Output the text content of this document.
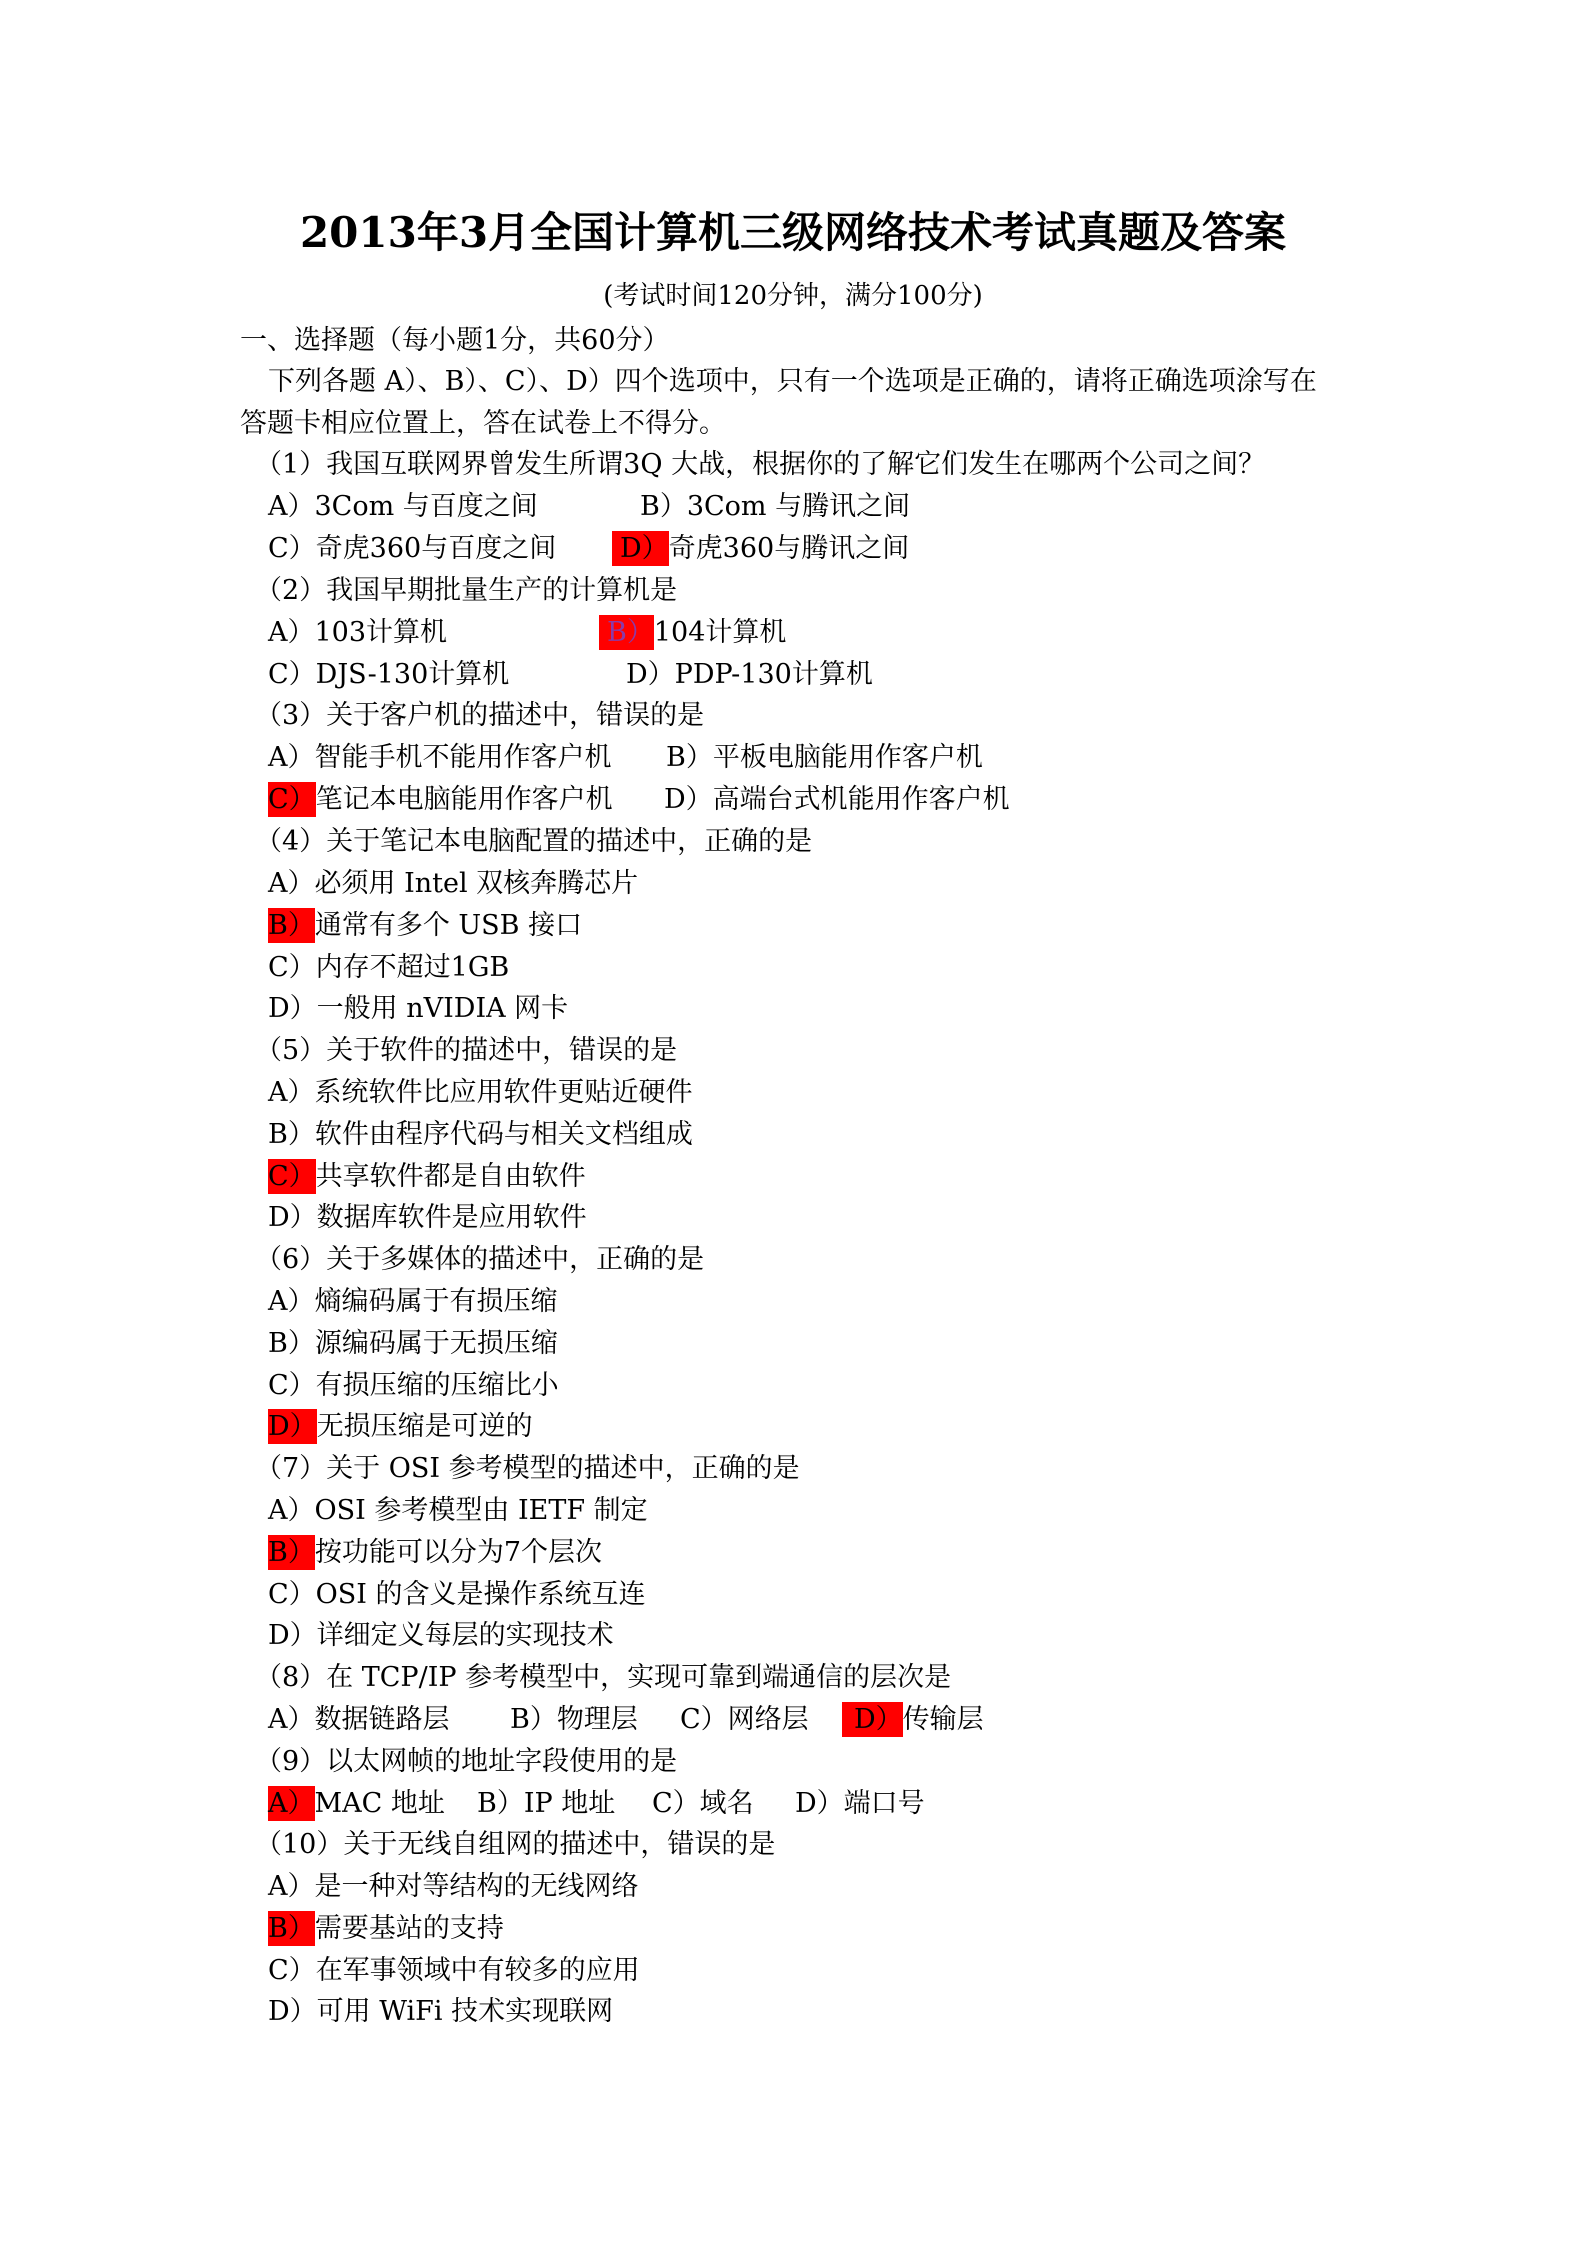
2013年3月全国计算机三级网络技术考试真题及答案
(考试时间120分钟，满分100分)
一、选择题（每小题1分，共60分）
下列各题 A）、B）、C）、D）四个选项中，只有一个选项是正确的，请将正确选项涂写在
答题卡相应位置上，答在试卷上不得分。
（1）我国互联网界曾发生所谓3Q 大战，根据你的了解它们发生在哪两个公司之间？
A）3Com 与百度之间	B）3Com 与腾讯之间
C）奇虎360与百度之间 D）奇虎360与腾讯之间
（2）我国早期批量生产的计算机是
A）103计算机	B）104计算机
C）DJS-130计算机	D）PDP-130计算机
（3）关于客户机的描述中，错误的是
A）智能手机不能用作客户机 B）平板电脑能用作客户机
C）笔记本电脑能用作客户机 D）高端台式机能用作客户机
（4）关于笔记本电脑配置的描述中，正确的是
A）必须用 Intel 双核奔腾芯片
B）通常有多个 USB 接口
C）内存不超过1GB
D）一般用 nVIDIA 网卡
（5）关于软件的描述中，错误的是
A）系统软件比应用软件更贴近硬件
B）软件由程序代码与相关文档组成
C）共享软件都是自由软件
D）数据库软件是应用软件
（6）关于多媒体的描述中，正确的是
A）熵编码属于有损压缩
B）源编码属于无损压缩
C）有损压缩的压缩比小
D）无损压缩是可逆的
（7）关于 OSI 参考模型的描述中，正确的是
A）OSI 参考模型由 IETF 制定
B）按功能可以分为7个层次
C）OSI 的含义是操作系统互连
D）详细定义每层的实现技术
（8）在 TCP/IP 参考模型中，实现可靠到端通信的层次是
A）数据链路层 B）物理层 C）网络层	D）传输层
（9）以太网帧的地址字段使用的是
A）MAC 地址 B）IP 地址 C）域名 D）端口号
（10）关于无线自组网的描述中，错误的是
A）是一种对等结构的无线网络
B）需要基站的支持
C）在军事领域中有较多的应用
D）可用 WiFi 技术实现联网
